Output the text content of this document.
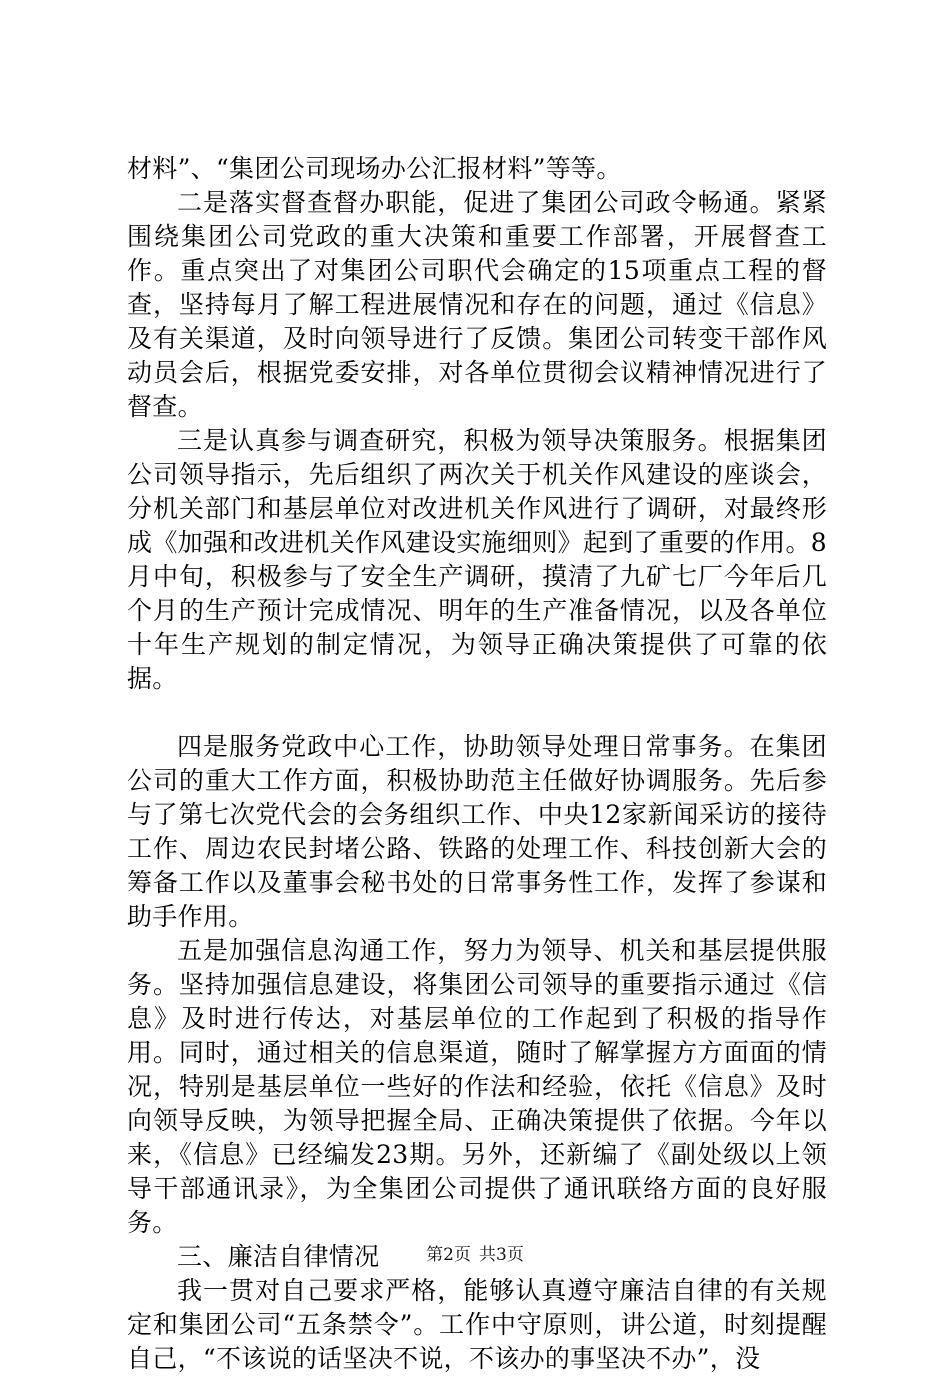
材料”、“集团公司现场办公汇报材料”等等。

二是落实督查督办职能，促进了集团公司政令畅通。紧紧围绕集团公司党政的重大决策和重要工作部署，开展督查工作。重点突出了对集团公司职代会确定的15项重点工程的督查，坚持每月了解工程进展情况和存在的问题，通过《信息》及有关渠道，及时向领导进行了反馈。集团公司转变干部作风动员会后，根据党委安排，对各单位贯彻会议精神情况进行了督查。

三是认真参与调查研究，积极为领导决策服务。根据集团公司领导指示，先后组织了两次关于机关作风建设的座谈会，分机关部门和基层单位对改进机关作风进行了调研，对最终形成《加强和改进机关作风建设实施细则》起到了重要的作用。8月中旬，积极参与了安全生产调研，摸清了九矿七厂今年后几个月的生产预计完成情况、明年的生产准备情况，以及各单位十年生产规划的制定情况，为领导正确决策提供了可靠的依据。

四是服务党政中心工作，协助领导处理日常事务。在集团公司的重大工作方面，积极协助范主任做好协调服务。先后参与了第七次党代会的会务组织工作、中央12家新闻采访的接待工作、周边农民封堵公路、铁路的处理工作、科技创新大会的筹备工作以及董事会秘书处的日常事务性工作，发挥了参谋和助手作用。

五是加强信息沟通工作，努力为领导、机关和基层提供服务。坚持加强信息建设，将集团公司领导的重要指示通过《信息》及时进行传达，对基层单位的工作起到了积极的指导作用。同时，通过相关的信息渠道，随时了解掌握方方面面的情况，特别是基层单位一些好的作法和经验，依托《信息》及时向领导反映，为领导把握全局、正确决策提供了依据。今年以来，《信息》已经编发23期。另外，还新编了《副处级以上领导干部通讯录》，为全集团公司提供了通讯联络方面的良好服务。

三、廉洁自律情况

我一贯对自己要求严格，能够认真遵守廉洁自律的有关规定和集团公司“五条禁令”。工作中守原则，讲公道，时刻提醒自己，“不该说的话坚决不说，不该办的事坚决不办”，没

第2页 共3页
